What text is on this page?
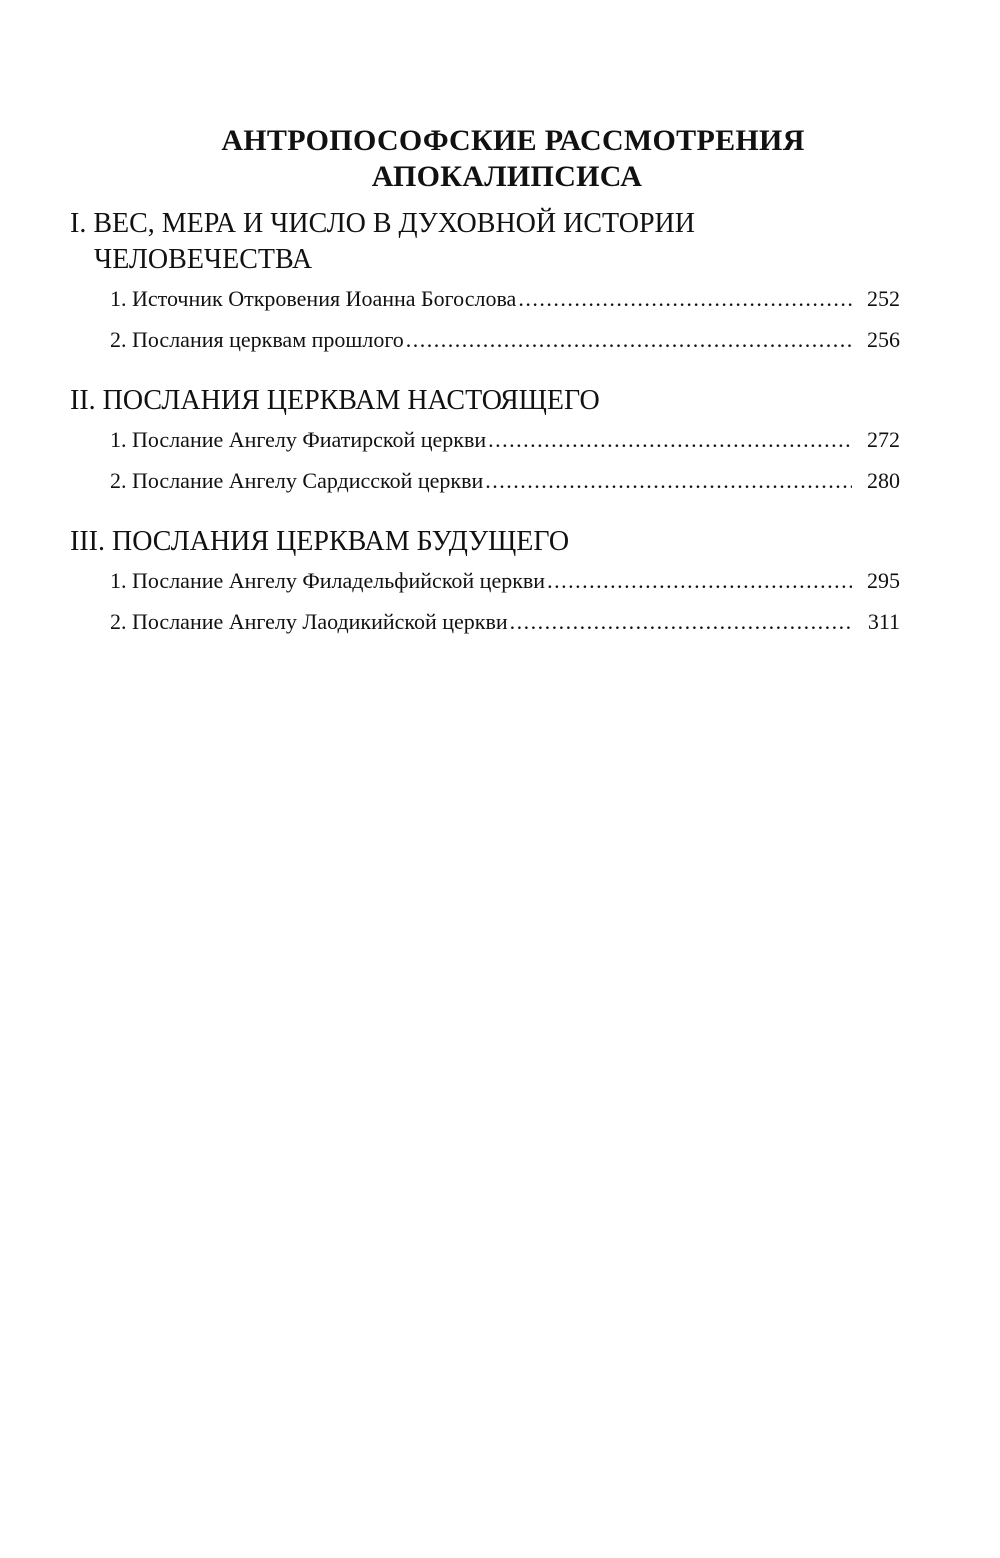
АНТРОПОСОФСКИЕ РАССМОТРЕНИЯ
АПОКАЛИПСИСА
I. ВЕС, МЕРА И ЧИСЛО В ДУХОВНОЙ ИСТОРИИ
ЧЕЛОВЕЧЕСТВА
1. Источник Откровения Иоанна Богослова . . .	252
2. Послания церквам прошлого . . .	256
II. ПОСЛАНИЯ ЦЕРКВАМ НАСТОЯЩЕГО
1. Послание Ангелу Фиатирской церкви . . .	272
2. Послание Ангелу Сардисской церкви . . .	280
III. ПОСЛАНИЯ ЦЕРКВАМ БУДУЩЕГО
1. Послание Ангелу Филадельфийской церкви . . .	295
2. Послание Ангелу Лаодикийской церкви . . .	311
